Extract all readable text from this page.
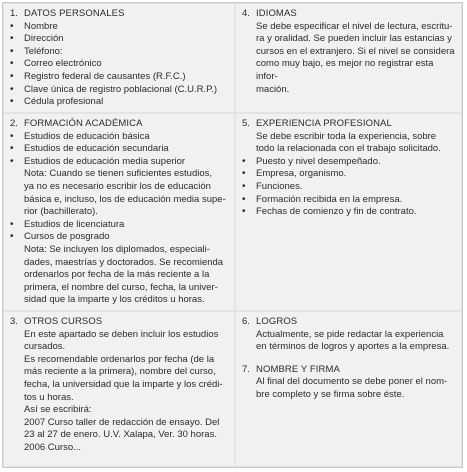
1. DATOS PERSONALES
• Nombre
• Dirección
• Teléfono:
• Correo electrónico
• Registro federal de causantes (R.F.C.)
• Clave única de registro poblacional (C.U.R.P.)
• Cédula profesional
4. IDIOMAS
Se debe especificar el nivel de lectura, escritu-
ra y oralidad. Se pueden incluir las estancias y
cursos en el extranjero. Si el nivel se considera
como muy bajo, es mejor no registrar esta infor-
mación.
2. FORMACIÓN ACADÉMICA
• Estudios de educación básica
• Estudios de educación secundaria
• Estudios de educación media superior
Nota: Cuando se tienen suficientes estudios,
ya no es necesario escribir los de educación
básica e, incluso, los de educación media supe-
rior (bachillerato).
• Estudios de licenciatura
• Cursos de posgrado
Nota: Se incluyen los diplomados, especiali-
dades, maestrías y doctorados. Se recomienda
ordenarlos por fecha de la más reciente a la
primera, el nombre del curso, fecha, la univer-
sidad que la imparte y los créditos u horas.
5. EXPERIENCIA PROFESIONAL
Se debe escribir toda la experiencia, sobre
todo la relacionada con el trabajo solicitado.
• Puesto y nivel desempeñado.
• Empresa, organismo.
• Funciones.
• Formación recibida en la empresa.
• Fechas de comienzo y fin de contrato.
3. OTROS CURSOS
En este apartado se deben incluir los estudios
cursados.
Es recomendable ordenarlos por fecha (de la
más reciente a la primera), nombre del curso,
fecha, la universidad que la imparte y los crédi-
tos u horas.
Así se escribirá:
2007 Curso taller de redacción de ensayo. Del
23 al 27 de enero. U.V. Xalapa, Ver. 30 horas.
2006 Curso...
6. LOGROS
Actualmente, se pide redactar la experiencia
en términos de logros y aportes a la empresa.
7. NOMBRE Y FIRMA
Al final del documento se debe poner el nom-
bre completo y se firma sobre éste.
